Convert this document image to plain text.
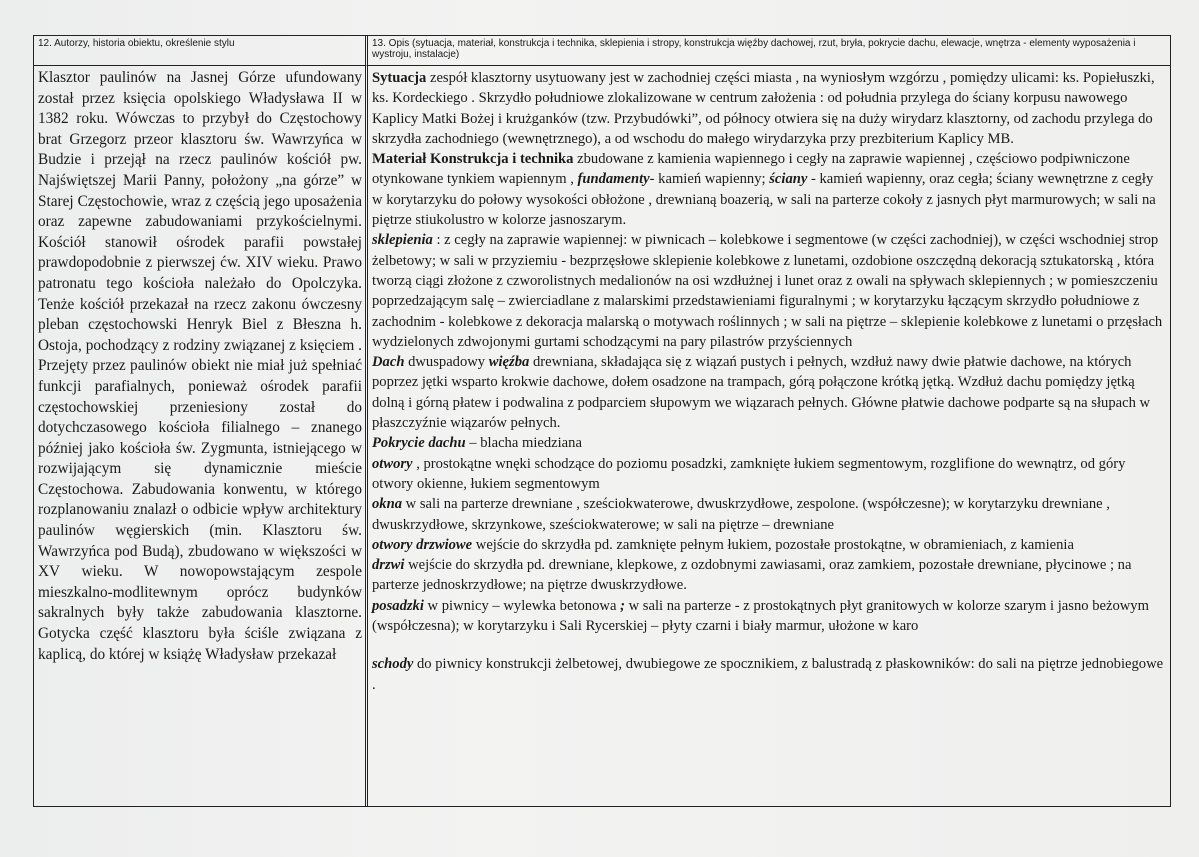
12. Autorzy, historia obiektu, określenie stylu	13. Opis (sytuacja, materiał, konstrukcja i technika, sklepienia i stropy, konstrukcja więźby dachowej, rzut, bryła, pokrycie dachu, elewacje, wnętrza - elementy wyposażenia i wystroju, instalacje)

Klasztor paulinów na Jasnej Górze ufundowany został przez księcia opolskiego Władysława II w 1382 roku. Wówczas to przybył do Częstochowy brat Grzegorz przeor klasztoru św. Wawrzyńca w Budzie i przejął na rzecz paulinów kościół pw. Najświętszej Marii Panny, położony „na górze” w Starej Częstochowie, wraz z częścią jego uposażenia oraz zapewne zabudowaniami przykościelnymi. Kościół stanowił ośrodek parafii powstałej prawdopodobnie z pierwszej ćw. XIV wieku. Prawo patronatu tego kościoła należało do Opolczyka. Tenże kościół przekazał na rzecz zakonu ówczesny pleban częstochowski Henryk Biel z Błeszna h. Ostoja, pochodzący z rodziny związanej z księciem . Przejęty przez paulinów obiekt nie miał już spełniać funkcji parafialnych, ponieważ ośrodek parafii częstochowskiej przeniesiony został do dotychczasowego kościoła filialnego – znanego później jako kościoła św. Zygmunta, istniejącego w rozwijającym się dynamicznie mieście Częstochowa. Zabudowania konwentu, w którego rozplanowaniu znalazł o odbicie wpływ architektury paulinów węgierskich (min. Klasztoru św. Wawrzyńca pod Budą), zbudowano w większości w XV wieku. W nowopowstającym zespole mieszkalno-modlitewnym oprócz budynków sakralnych były także zabudowania klasztorne. Gotycka część klasztoru była ściśle związana z kaplicą, do której w książę Władysław przekazał

Sytuacja zespół klasztorny usytuowany jest w zachodniej części miasta , na wyniosłym wzgórzu , pomiędzy ulicami: ks. Popiełuszki, ks. Kordeckiego . Skrzydło południowe zlokalizowane w centrum założenia : od południa przylega do ściany korpusu nawowego Kaplicy Matki Bożej i krużganków (tzw. Przybudówki”, od północy otwiera się na duży wirydarz klasztorny, od zachodu przylega do skrzydła zachodniego (wewnętrznego), a od wschodu do małego wirydarzyka przy prezbiterium Kaplicy MB.

Materiał Konstrukcja i technika zbudowane z kamienia wapiennego i cegły na zaprawie wapiennej , częściowo podpiwniczone otynkowane tynkiem wapiennym , fundamenty- kamień wapienny; ściany - kamień wapienny, oraz cegła; ściany wewnętrzne z cegły w korytarzyku do połowy wysokości obłożone , drewnianą boazerią, w sali na parterze cokoły z jasnych płyt marmurowych; w sali na piętrze stiukolustro w kolorze jasnoszarym.

sklepienia : z cegły na zaprawie wapiennej: w piwnicach – kolebkowe i segmentowe (w części zachodniej), w części wschodniej strop żelbetowy; w sali w przyziemiu - bezprzęsłowe sklepienie kolebkowe z lunetami, ozdobione oszczędną dekoracją sztukatorską , która tworzą ciągi złożone z czworolistnych medalionów na osi wzdłużnej i lunet oraz z owali na spływach sklepiennych ; w pomieszczeniu poprzedzającym salę – zwierciadlane z malarskimi przedstawieniami figuralnymi ; w korytarzyku łączącym skrzydło południowe z zachodnim - kolebkowe z dekoracja malarską o motywach roślinnych ; w sali na piętrze – sklepienie kolebkowe z lunetami o przęsłach wydzielonych zdwojonymi gurtami schodzącymi na pary pilastrów przyściennych

Dach dwuspadowy więźba drewniana, składająca się z wiązań pustych i pełnych, wzdłuż nawy dwie płatwie dachowe, na których poprzez jętki wsparto krokwie dachowe, dołem osadzone na trampach, górą połączone krótką jętką. Wzdłuż dachu pomiędzy jętką dolną i górną płatew i podwalina z podparciem słupowym we wiązarach pełnych. Główne płatwie dachowe podparte są na słupach w płaszczyźnie wiązarów pełnych.

Pokrycie dachu – blacha miedziana

otwory , prostokątne wnęki schodzące do poziomu posadzki, zamknięte łukiem segmentowym, rozglifione do wewnątrz, od góry otwory okienne, łukiem segmentowym

okna w sali na parterze drewniane , sześciokwaterowe, dwuskrzydłowe, zespolone. (współczesne); w korytarzyku drewniane , dwuskrzydłowe, skrzynkowe, sześciokwaterowe; w sali na piętrze – drewniane

otwory drzwiowe wejście do skrzydła pd. zamknięte pełnym łukiem, pozostałe prostokątne, w obramieniach, z kamienia

drzwi wejście do skrzydła pd. drewniane, klepkowe, z ozdobnymi zawiasami, oraz zamkiem, pozostałe drewniane, płycinowe ; na parterze jednoskrzydłowe; na piętrze dwuskrzydłowe.

posadzki w piwnicy – wylewka betonowa ; w sali na parterze - z prostokątnych płyt granitowych w kolorze szarym i jasno beżowym (współczesna); w korytarzyku i Sali Rycerskiej – płyty czarni i biały marmur, ułożone w karo

schody do piwnicy konstrukcji żelbetowej, dwubiegowe ze spocznikiem, z balustradą z płaskowników: do sali na piętrze jednobiegowe .
